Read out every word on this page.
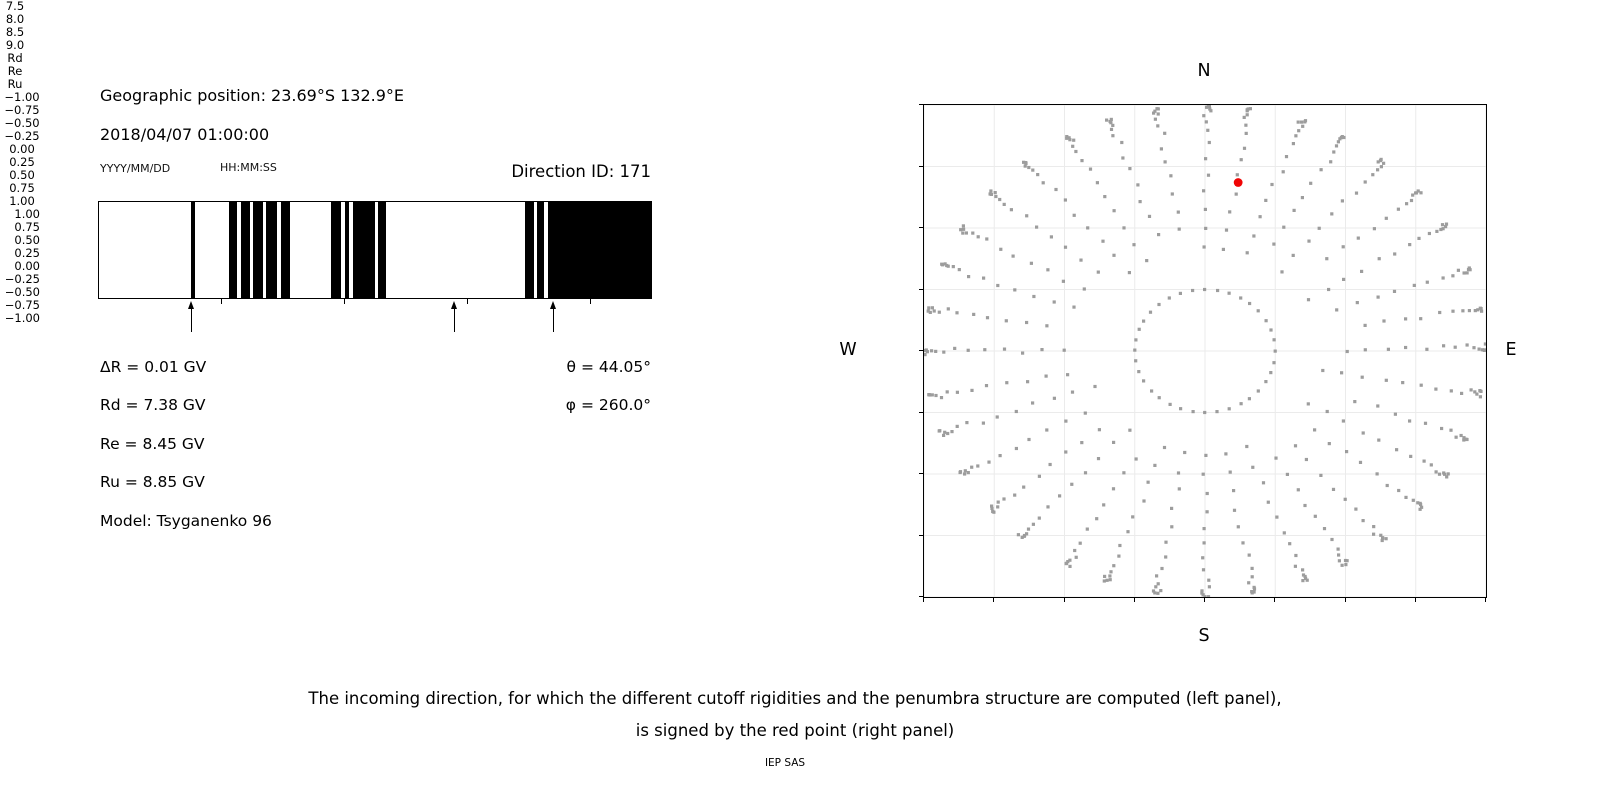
Geographic position: 23.69°S 132.9°E
2018/04/07 01:00:00
YYYY/MM/DD	HH:MM:SS	Direction ID: 171
ΔR = 0.01 GV
Rd = 7.38 GV
Re = 8.45 GV
Ru = 8.85 GV
Model: Tsyganenko 96
θ = 44.05°
φ = 260.0°
N
S
W	E
The incoming direction, for which the different cutoff rigidities and the penumbra structure are computed (left panel),
is signed by the red point (right panel)
IEP SAS
7.5
8.0
8.5
9.0
Rd
Re
Ru
−1.00
−0.75
−0.50
−0.25
0.00
0.25
0.50
0.75
1.00
1.00
0.75
0.50
0.25
0.00
−0.25
−0.50
−0.75
−1.00
